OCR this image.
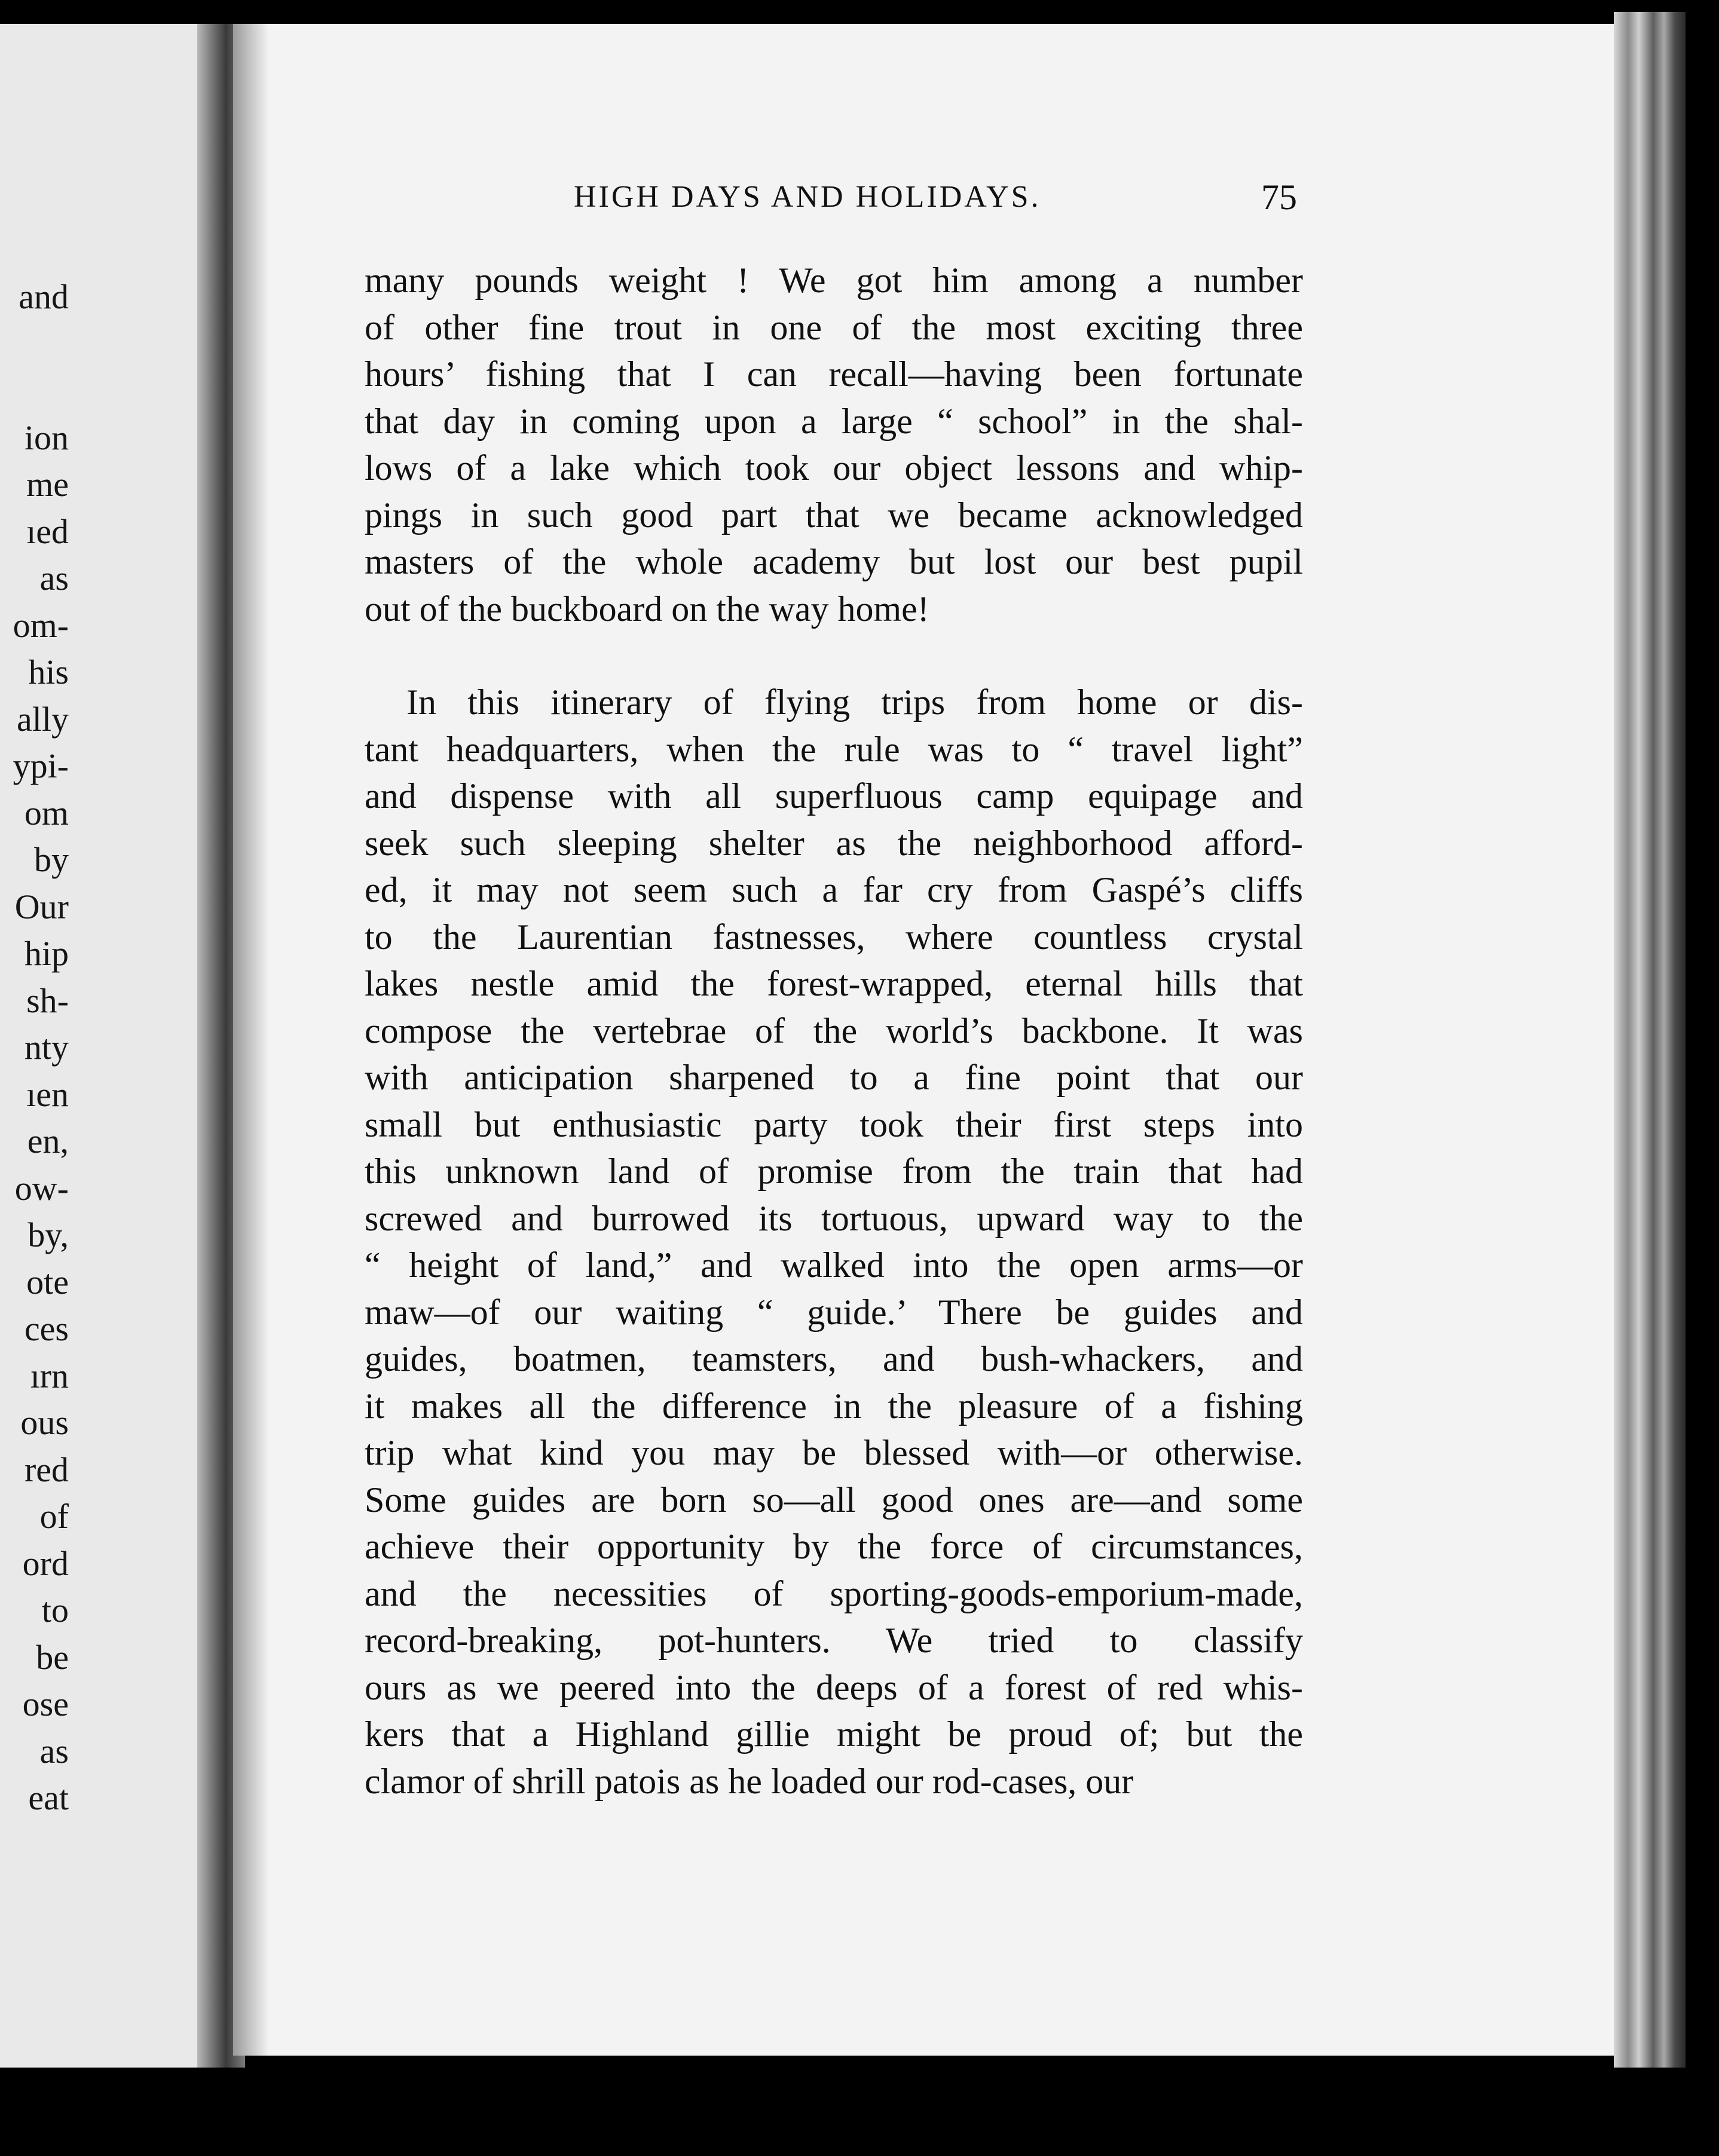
and
ion
me
ıed
as
om-
his
ally
ypi-
om
by
Our
hip
sh-
nty
ıen
en,
ow-
by,
ote
ces
ırn
ous
red
of
ord
to
be
ose
as
eat
HIGH DAYS AND HOLIDAYS.	75
many pounds weight ! We got him among a number
of other fine trout in one of the most exciting three
hours’ fishing that I can recall—having been fortunate
that day in coming upon a large “ school” in the shal-
lows of a lake which took our object lessons and whip-
pings in such good part that we became acknowledged
masters of the whole academy but lost our best pupil
out of the buckboard on the way home!
In this itinerary of flying trips from home or dis-
tant headquarters, when the rule was to “ travel light”
and dispense with all superfluous camp equipage and
seek such sleeping shelter as the neighborhood afford-
ed, it may not seem such a far cry from Gaspé’s cliffs
to the Laurentian fastnesses, where countless crystal
lakes nestle amid the forest-wrapped, eternal hills that
compose the vertebrae of the world’s backbone. It was
with anticipation sharpened to a fine point that our
small but enthusiastic party took their first steps into
this unknown land of promise from the train that had
screwed and burrowed its tortuous, upward way to the
“ height of land,” and walked into the open arms—or
maw—of our waiting “ guide.’ There be guides and
guides, boatmen, teamsters, and bush-whackers, and
it makes all the difference in the pleasure of a fishing
trip what kind you may be blessed with—or otherwise.
Some guides are born so—all good ones are—and some
achieve their opportunity by the force of circumstances,
and the necessities of sporting-goods-emporium-made,
record-breaking, pot-hunters. We tried to classify
ours as we peered into the deeps of a forest of red whis-
kers that a Highland gillie might be proud of; but the
clamor of shrill patois as he loaded our rod-cases, our
